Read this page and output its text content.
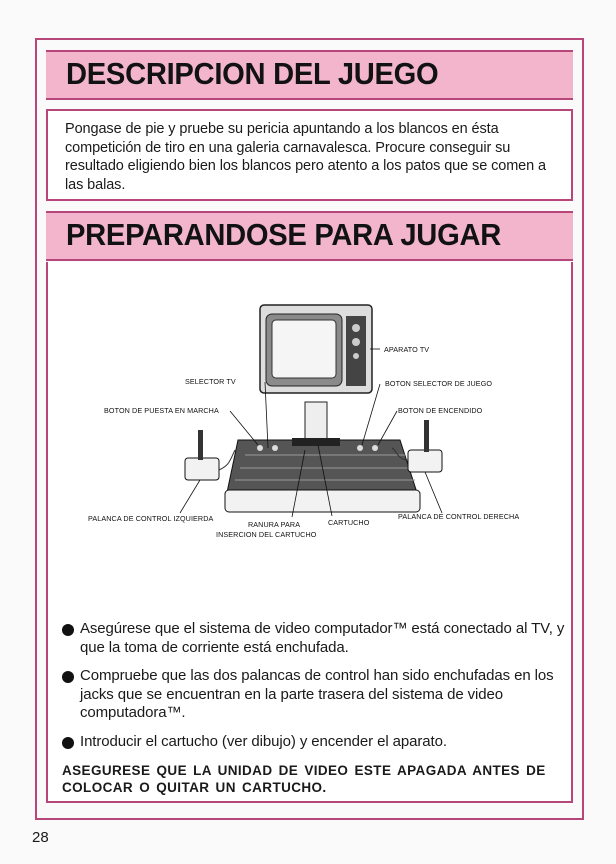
DESCRIPCION DEL JUEGO

Pongase de pie y pruebe su pericia apuntando a los blancos en ésta competición de tiro en una galeria carnavalesca. Procure conseguir su resultado eligiendo bien los blancos pero atento a los patos que se comen a las balas.

PREPARANDOSE PARA JUGAR
APARATO TV
SELECTOR TV	BOTON SELECTOR DE JUEGO
BOTON DE PUESTA EN MARCHA	BOTON DE ENCENDIDO
PALANCA DE CONTROL IZQUIERDA	PALANCA DE CONTROL DERECHA
RANURA PARA
INSERCION DEL CARTUCHO
CARTUCHO
Asegúrese que el sistema de video computador™ está conectado al TV, y que la toma de corriente está enchufada.
Compruebe que las dos palancas de control han sido enchufadas en los jacks que se encuentran en la parte trasera del sistema de video computadora™.
Introducir el cartucho (ver dibujo) y encender el aparato.
ASEGURESE QUE LA UNIDAD DE VIDEO ESTE APAGADA ANTES DE COLOCAR O QUITAR UN CARTUCHO.
28
